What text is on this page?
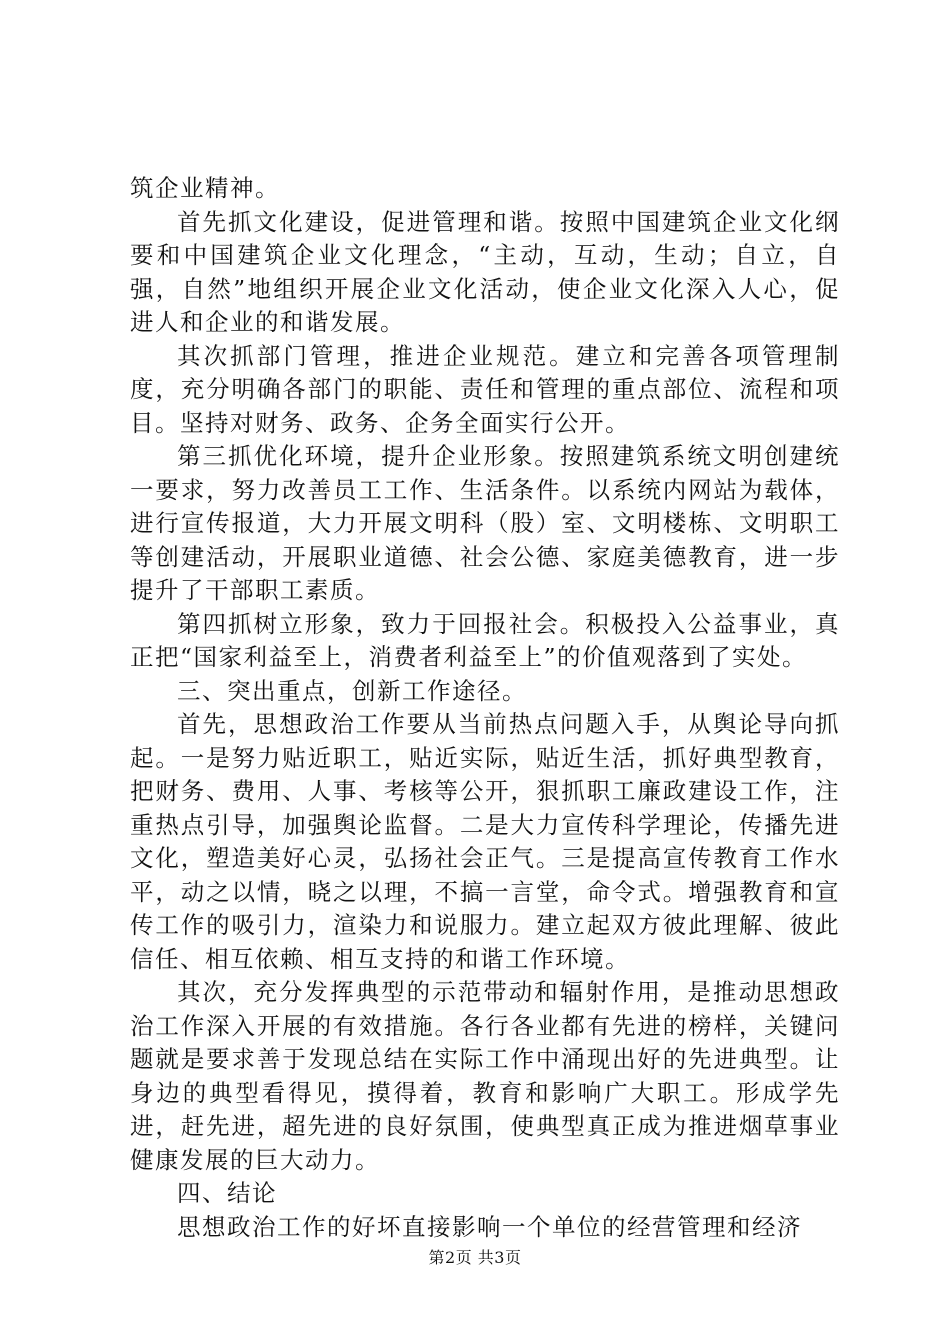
筑企业精神。

首先抓文化建设，促进管理和谐。按照中国建筑企业文化纲要和中国建筑企业文化理念，“主动，互动，生动；自立，自强，自然”地组织开展企业文化活动，使企业文化深入人心，促进人和企业的和谐发展。

其次抓部门管理，推进企业规范。建立和完善各项管理制度，充分明确各部门的职能、责任和管理的重点部位、流程和项目。坚持对财务、政务、企务全面实行公开。

第三抓优化环境，提升企业形象。按照建筑系统文明创建统一要求，努力改善员工工作、生活条件。以系统内网站为载体，进行宣传报道，大力开展文明科（股）室、文明楼栋、文明职工等创建活动，开展职业道德、社会公德、家庭美德教育，进一步提升了干部职工素质。

第四抓树立形象，致力于回报社会。积极投入公益事业，真正把“国家利益至上，消费者利益至上”的价值观落到了实处。

三、突出重点，创新工作途径。

首先，思想政治工作要从当前热点问题入手，从舆论导向抓起。一是努力贴近职工，贴近实际，贴近生活，抓好典型教育，把财务、费用、人事、考核等公开，狠抓职工廉政建设工作，注重热点引导，加强舆论监督。二是大力宣传科学理论，传播先进文化，塑造美好心灵，弘扬社会正气。三是提高宣传教育工作水平，动之以情，晓之以理，不搞一言堂，命令式。增强教育和宣传工作的吸引力，渲染力和说服力。建立起双方彼此理解、彼此信任、相互依赖、相互支持的和谐工作环境。

其次，充分发挥典型的示范带动和辐射作用，是推动思想政治工作深入开展的有效措施。各行各业都有先进的榜样，关键问题就是要求善于发现总结在实际工作中涌现出好的先进典型。让身边的典型看得见，摸得着，教育和影响广大职工。形成学先进，赶先进，超先进的良好氛围，使典型真正成为推进烟草事业健康发展的巨大动力。

四、结论

思想政治工作的好坏直接影响一个单位的经营管理和经济

第2页 共3页
